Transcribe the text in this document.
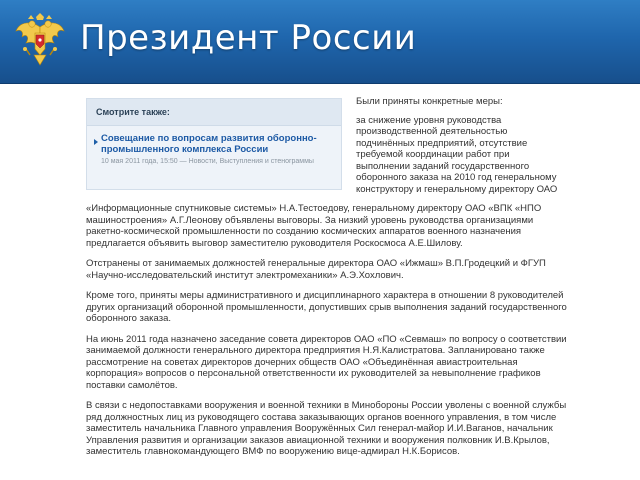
Президент России
Смотрите также:
Совещание по вопросам развития оборонно-промышленного комплекса России
10 мая 2011 года, 15:50 — Новости, Выступления и стенограммы

Были приняты конкретные меры:

за снижение уровня руководства производственной деятельностью подчинённых предприятий, отсутствие требуемой координации работ при выполнении заданий государственного оборонного заказа на 2010 год генеральному конструктору и генеральному директору ОАО

«Информационные спутниковые системы» Н.А.Тестоедову, генеральному директору ОАО «ВПК «НПО машиностроения» А.Г.Леонову объявлены выговоры. За низкий уровень руководства организациями ракетно-космической промышленности по созданию космических аппаратов военного назначения предлагается объявить выговор заместителю руководителя Роскосмоса А.Е.Шилову.

Отстранены от занимаемых должностей генеральные директора ОАО «Ижмаш» В.П.Гродецкий и ФГУП «Научно-исследовательский институт электромеханики» А.Э.Хохлович.

Кроме того, приняты меры административного и дисциплинарного характера в отношении 8 руководителей других организаций оборонной промышленности, допустивших срыв выполнения заданий государственного оборонного заказа.

На июнь 2011 года назначено заседание совета директоров ОАО «ПО «Севмаш» по вопросу о соответствии занимаемой должности генерального директора предприятия Н.Я.Калистратова. Запланировано также рассмотрение на советах директоров дочерних обществ ОАО «Объединённая авиастроительная корпорация» вопросов о персональной ответственности их руководителей за невыполнение графиков поставки самолётов.

В связи с недопоставками вооружения и военной техники в Минобороны России уволены с военной службы ряд должностных лиц из руководящего состава заказывающих органов военного управления, в том числе заместитель начальника Главного управления Вооружённых Сил генерал-майор И.И.Ваганов, начальник Управления развития и организации заказов авиационной техники и вооружения полковник И.В.Крылов, заместитель главнокомандующего ВМФ по вооружению вице-адмирал Н.К.Борисов.
